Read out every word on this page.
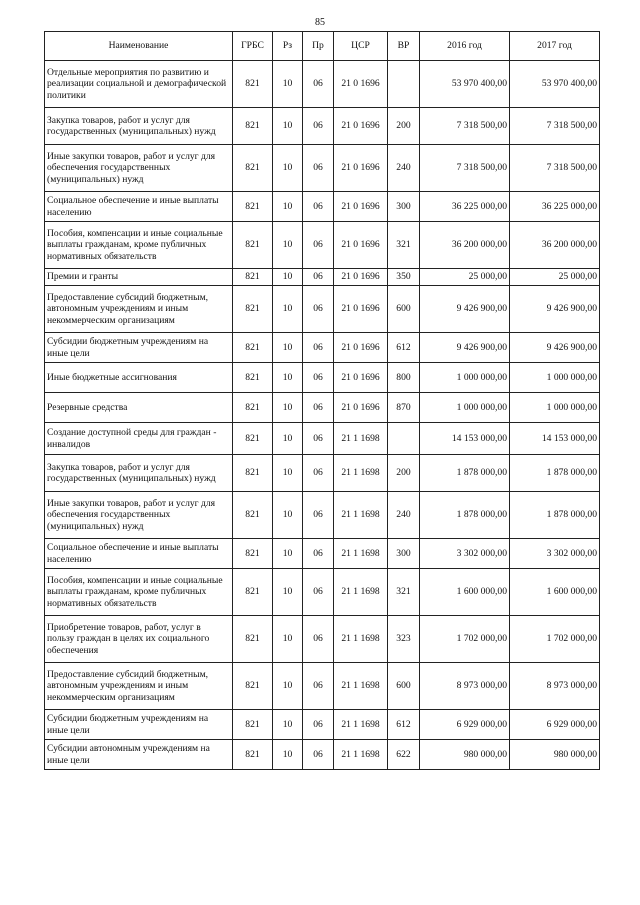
85
Наименование	ГРБС	Рз	Пр	ЦСР	ВР	2016 год	2017 год
Отдельные мероприятия по развитию и реализации социальной и демографической политики	821	10	06	21 0 1696		53 970 400,00	53 970 400,00
Закупка товаров, работ и услуг для государственных (муниципальных) нужд	821	10	06	21 0 1696	200	7 318 500,00	7 318 500,00
Иные закупки товаров, работ и услуг для обеспечения государственных (муниципальных) нужд	821	10	06	21 0 1696	240	7 318 500,00	7 318 500,00
Социальное обеспечение и иные выплаты населению	821	10	06	21 0 1696	300	36 225 000,00	36 225 000,00
Пособия, компенсации и иные социальные выплаты гражданам, кроме публичных нормативных обязательств	821	10	06	21 0 1696	321	36 200 000,00	36 200 000,00
Премии и гранты	821	10	06	21 0 1696	350	25 000,00	25 000,00
Предоставление субсидий бюджетным, автономным учреждениям и иным некоммерческим организациям	821	10	06	21 0 1696	600	9 426 900,00	9 426 900,00
Субсидии бюджетным учреждениям на иные цели	821	10	06	21 0 1696	612	9 426 900,00	9 426 900,00
Иные бюджетные ассигнования	821	10	06	21 0 1696	800	1 000 000,00	1 000 000,00
Резервные средства	821	10	06	21 0 1696	870	1 000 000,00	1 000 000,00
Создание доступной среды для граждан - инвалидов	821	10	06	21 1 1698		14 153 000,00	14 153 000,00
Закупка товаров, работ и услуг для государственных (муниципальных) нужд	821	10	06	21 1 1698	200	1 878 000,00	1 878 000,00
Иные закупки товаров, работ и услуг для обеспечения государственных (муниципальных) нужд	821	10	06	21 1 1698	240	1 878 000,00	1 878 000,00
Социальное обеспечение и иные выплаты населению	821	10	06	21 1 1698	300	3 302 000,00	3 302 000,00
Пособия, компенсации и иные социальные выплаты гражданам, кроме публичных нормативных обязательств	821	10	06	21 1 1698	321	1 600 000,00	1 600 000,00
Приобретение товаров, работ, услуг в пользу граждан в целях их социального обеспечения	821	10	06	21 1 1698	323	1 702 000,00	1 702 000,00
Предоставление субсидий бюджетным, автономным учреждениям и иным некоммерческим организациям	821	10	06	21 1 1698	600	8 973 000,00	8 973 000,00
Субсидии бюджетным учреждениям на иные цели	821	10	06	21 1 1698	612	6 929 000,00	6 929 000,00
Субсидии автономным учреждениям на иные цели	821	10	06	21 1 1698	622	980 000,00	980 000,00
